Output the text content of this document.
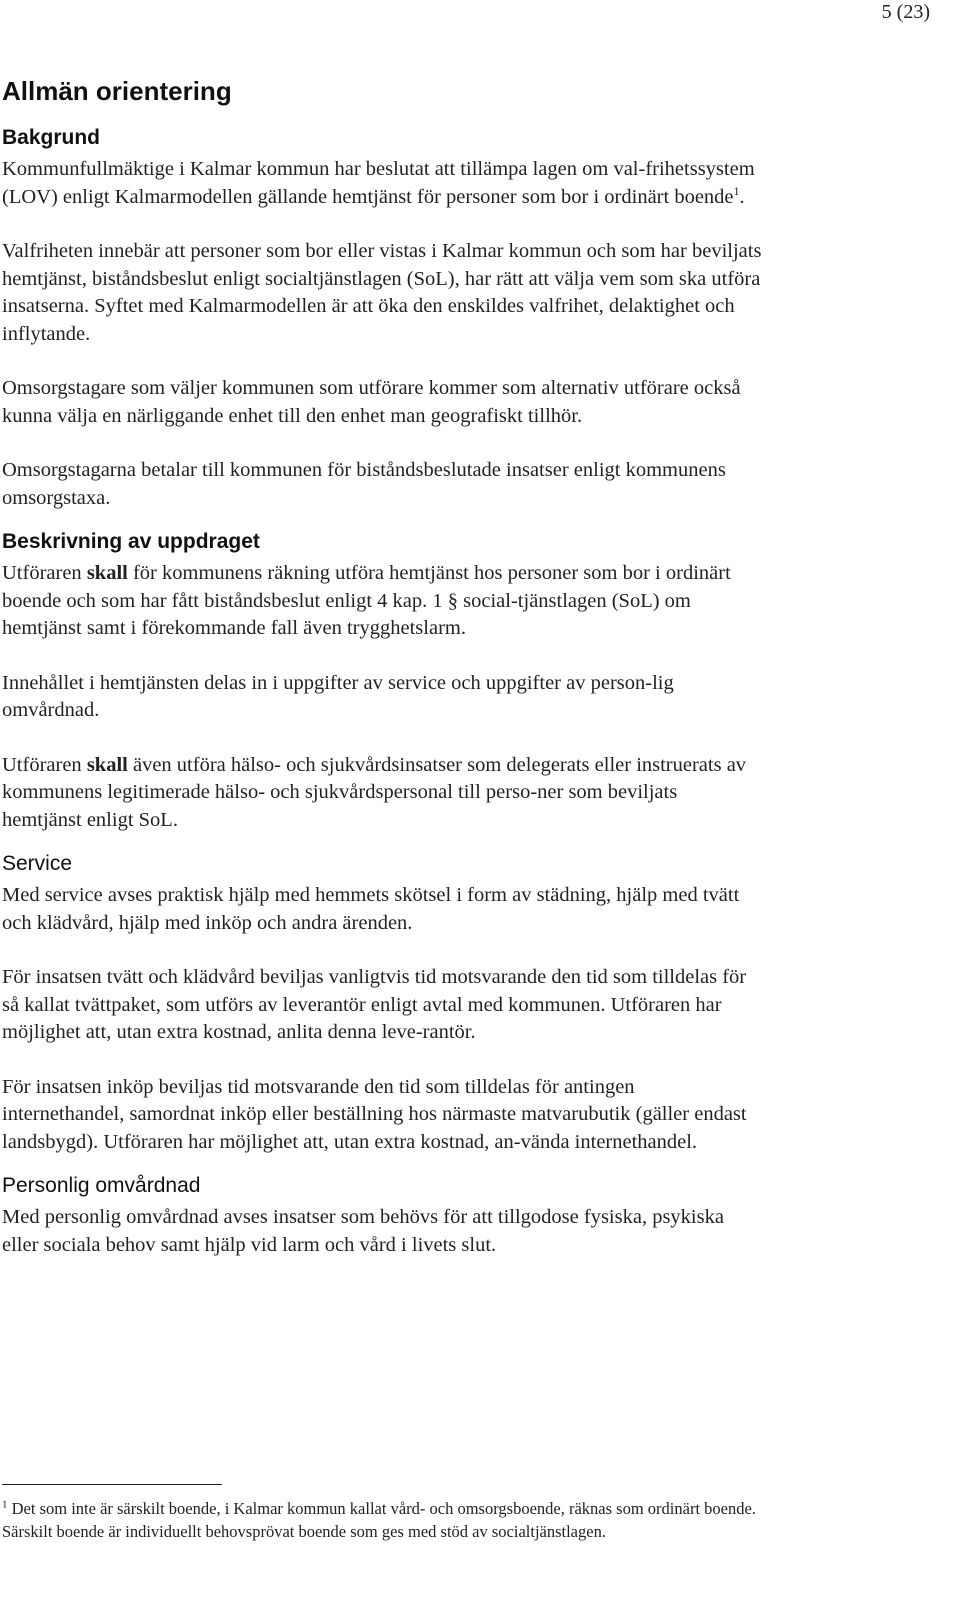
5 (23)
Allmän orientering
Bakgrund

Kommunfullmäktige i Kalmar kommun har beslutat att tillämpa lagen om val-frihetssystem (LOV) enligt Kalmarmodellen gällande hemtjänst för personer som bor i ordinärt boende$^1$.

Valfriheten innebär att personer som bor eller vistas i Kalmar kommun och som har beviljats hemtjänst, biståndsbeslut enligt socialtjänstlagen (SoL), har rätt att välja vem som ska utföra insatserna. Syftet med Kalmarmodellen är att öka den enskildes valfrihet, delaktighet och inflytande.

Omsorgstagare som väljer kommunen som utförare kommer som alternativ utförare också kunna välja en närliggande enhet till den enhet man geografiskt tillhör.

Omsorgstagarna betalar till kommunen för biståndsbeslutade insatser enligt kommunens omsorgstaxa.

Beskrivning av uppdraget

Utföraren skall för kommunens räkning utföra hemtjänst hos personer som bor i ordinärt boende och som har fått biståndsbeslut enligt 4 kap. 1 § social-tjänstlagen (SoL) om hemtjänst samt i förekommande fall även trygghetslarm.

Innehållet i hemtjänsten delas in i uppgifter av service och uppgifter av person-lig omvårdnad.

Utföraren skall även utföra hälso- och sjukvårdsinsatser som delegerats eller instruerats av kommunens legitimerade hälso- och sjukvårdspersonal till perso-ner som beviljats hemtjänst enligt SoL.

Service

Med service avses praktisk hjälp med hemmets skötsel i form av städning, hjälp med tvätt och klädvård, hjälp med inköp och andra ärenden.

För insatsen tvätt och klädvård beviljas vanligtvis tid motsvarande den tid som tilldelas för så kallat tvättpaket, som utförs av leverantör enligt avtal med kommunen. Utföraren har möjlighet att, utan extra kostnad, anlita denna leve-rantör.

För insatsen inköp beviljas tid motsvarande den tid som tilldelas för antingen internethandel, samordnat inköp eller beställning hos närmaste matvarubutik (gäller endast landsbygd). Utföraren har möjlighet att, utan extra kostnad, an-vända internethandel.

Personlig omvårdnad

Med personlig omvårdnad avses insatser som behövs för att tillgodose fysiska, psykiska eller sociala behov samt hjälp vid larm och vård i livets slut.

$^1$ Det som inte är särskilt boende, i Kalmar kommun kallat vård- och omsorgsboende, räknas som ordinärt boende. Särskilt boende är individuellt behovsprövat boende som ges med stöd av socialtjänstlagen.
